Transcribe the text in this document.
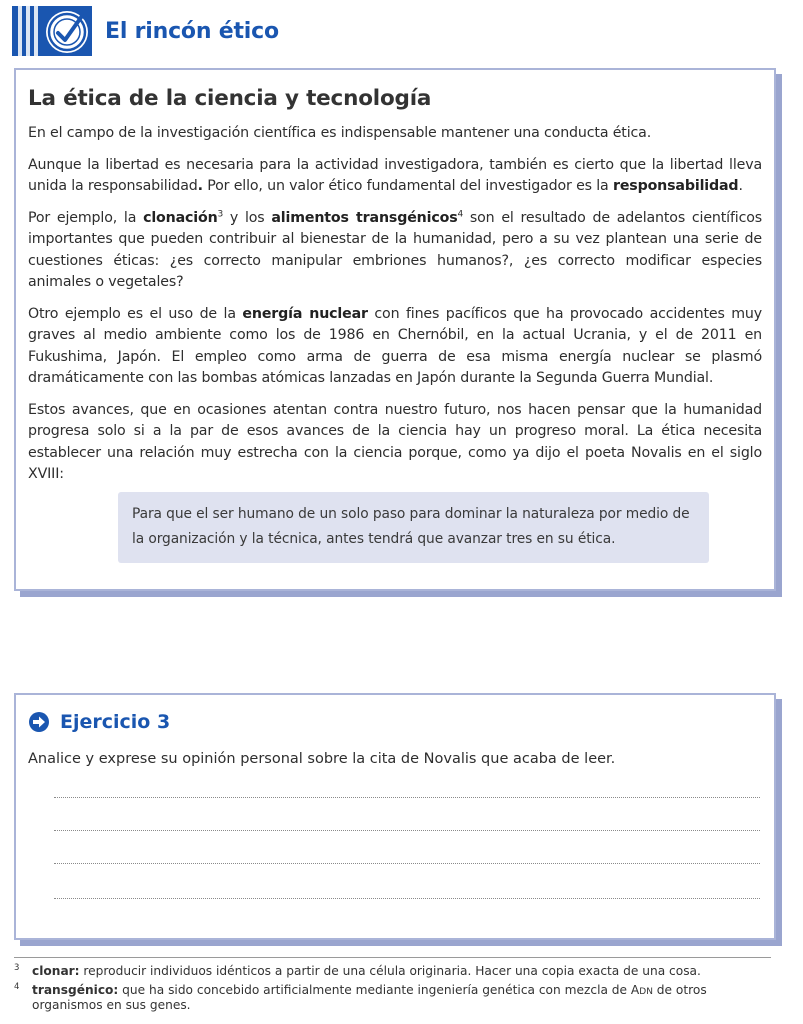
El rincón ético
La ética de la ciencia y tecnología

En el campo de la investigación científica es indispensable mantener una conducta ética.

Aunque la libertad es necesaria para la actividad investigadora, también es cierto que la libertad lleva unida la responsabilidad. Por ello, un valor ético fundamental del investigador es la responsabilidad.

Por ejemplo, la clonación$^3$ y los alimentos transgénicos$^4$ son el resultado de adelantos científicos importantes que pueden contribuir al bienestar de la humanidad, pero a su vez plantean una serie de cuestiones éticas: ¿es correcto manipular embriones humanos?, ¿es correcto modificar especies animales o vegetales?

Otro ejemplo es el uso de la energía nuclear con fines pacíficos que ha provocado accidentes muy graves al medio ambiente como los de 1986 en Chernóbil, en la actual Ucrania, y el de 2011 en Fukushima, Japón. El empleo como arma de guerra de esa misma energía nuclear se plasmó dramáticamente con las bombas atómicas lanzadas en Japón durante la Segunda Guerra Mundial.

Estos avances, que en ocasiones atentan contra nuestro futuro, nos hacen pensar que la humanidad progresa solo si a la par de esos avances de la ciencia hay un progreso moral. La ética necesita establecer una relación muy estrecha con la ciencia porque, como ya dijo el poeta Novalis en el siglo XVIII:

Para que el ser humano de un solo paso para dominar la naturaleza por medio de la organización y la técnica, antes tendrá que avanzar tres en su ética.
Ejercicio 3
Analice y exprese su opinión personal sobre la cita de Novalis que acaba de leer.
3 clonar: reproducir individuos idénticos a partir de una célula originaria. Hacer una copia exacta de una cosa.
4 transgénico: que ha sido concebido artificialmente mediante ingeniería genética con mezcla de Adn de otros organismos en sus genes.
